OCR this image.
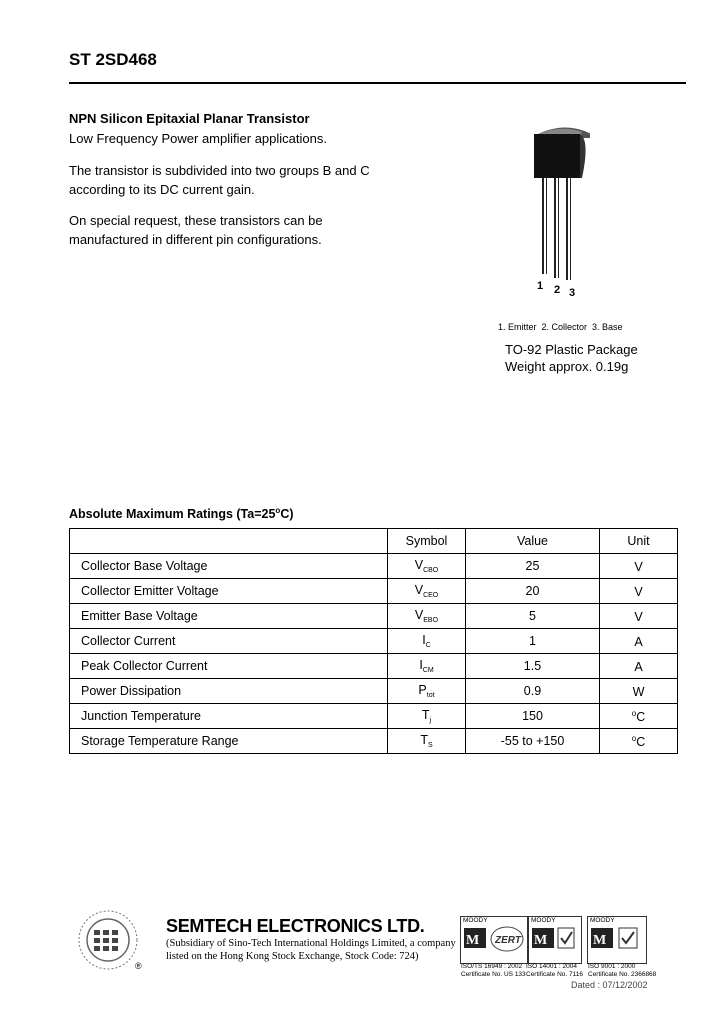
ST 2SD468
NPN Silicon Epitaxial Planar Transistor
Low Frequency Power amplifier applications.
The transistor is subdivided into two groups B and C
according to its DC current gain.
On special request, these transistors can be
manufactured in different pin configurations.
1 2 3
1. Emitter  2. Collector  3. Base
TO-92 Plastic Package
Weight approx. 0.19g
Absolute Maximum Ratings $(Ta=25^oC)$
	Symbol	Value	Unit
Collector Base Voltage	$V_{CBO}$	25	V
Collector Emitter Voltage	$V_{CEO}$	20	V
Emitter Base Voltage	$V_{EBO}$	5	V
Collector Current	$I_C$	1	A
Peak Collector Current	$I_{CM}$	1.5	A
Power Dissipation	$P_{tot}$	0.9	W
Junction Temperature	$T_j$	150	$^o$C
Storage Temperature Range	$T_S$	-55 to +150	$^o$C
®
SEMTECH ELECTRONICS LTD.
(Subsidiary of Sino-Tech International Holdings Limited, a company
listed on the Hong Kong Stock Exchange, Stock Code: 724)
MOODY
M ZERT
MOODY
M
MOODY
M
ISO/TS 16949 : 2002
Certificate No. US 133
ISO 14001 : 2004
Certificate No. 7116
ISO 9001 : 2000
Certificate No. 2366868
Dated : 07/12/2002
